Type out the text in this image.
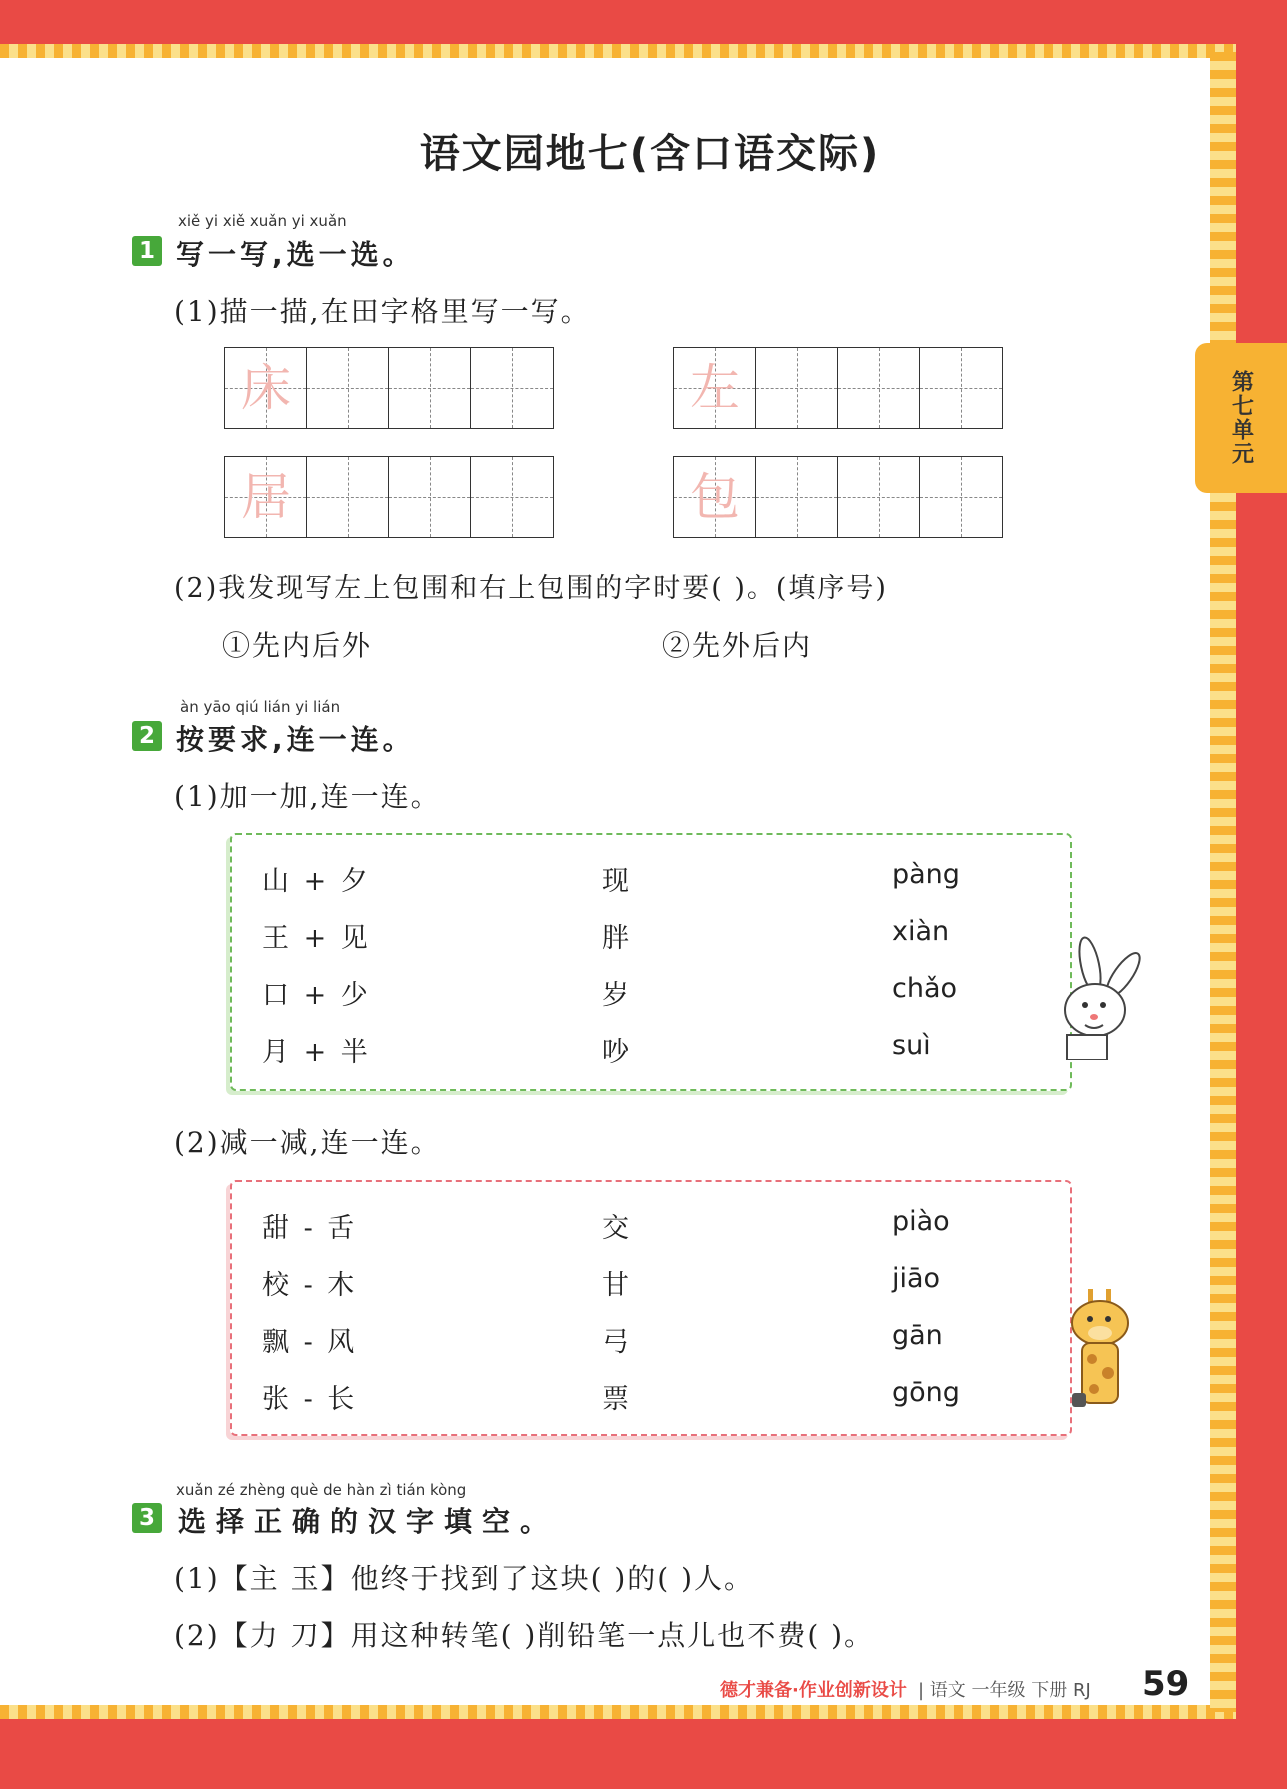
第七单元
语文园地七(含口语交际)
xiě yi xiě xuǎn yi xuǎn
1 写一写,选一选。
(1)描一描,在田字格里写一写。
床	左
居	包
(2)我发现写左上包围和右上包围的字时要( )。(填序号)
①先内后外	②先外后内
àn yāo qiú lián yi lián
2 按要求,连一连。
(1)加一加,连一连。
山 + 夕	现	pàng
王 + 见	胖	xiàn
口 + 少	岁	chǎo
月 + 半	吵	suì
(2)减一减,连一连。
甜 - 舌	交	piào
校 - 木	甘	jiāo
飘 - 风	弓	gān
张 - 长	票	gōng
xuǎn zé zhèng què de hàn zì tián kòng
3 选择正确的汉字填空。
(1)【主 玉】他终于找到了这块( )的( )人。
(2)【力 刀】用这种转笔( )削铅笔一点儿也不费( )。
德才兼备·作业创新设计 | 语文 一年级 下册 RJ 59
